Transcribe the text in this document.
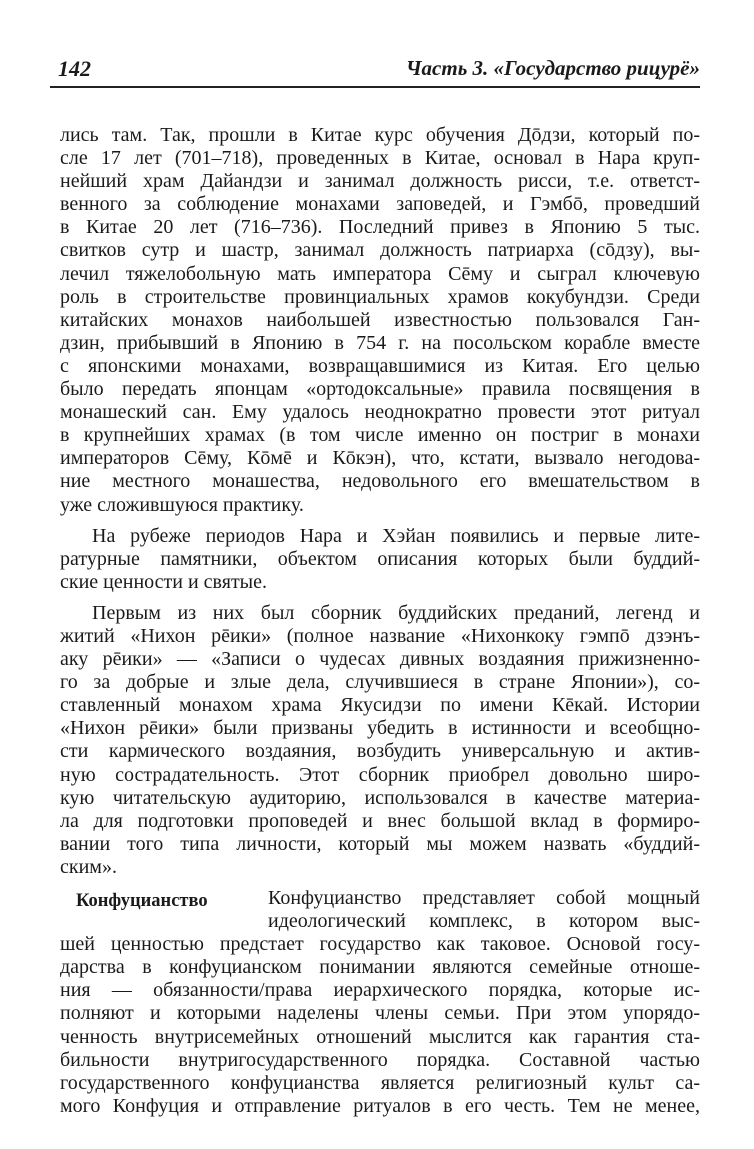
142	Часть 3. «Государство рицурё»
лись там. Так, прошли в Китае курс обучения Дōдзи, который по-
сле 17 лет (701–718), проведенных в Китае, основал в Нара круп-
нейший храм Дайандзи и занимал должность рисси, т.е. ответст-
венного за соблюдение монахами заповедей, и Гэмбō, проведший
в Китае 20 лет (716–736). Последний привез в Японию 5 тыс.
свитков сутр и шастр, занимал должность патриарха (сōдзу), вы-
лечил тяжелобольную мать императора Сēму и сыграл ключевую
роль в строительстве провинциальных храмов кокубундзи. Среди
китайских монахов наибольшей известностью пользовался Ган-
дзин, прибывший в Японию в 754 г. на посольском корабле вместе
с японскими монахами, возвращавшимися из Китая. Его целью
было передать японцам «ортодоксальные» правила посвящения в
монашеский сан. Ему удалось неоднократно провести этот ритуал
в крупнейших храмах (в том числе именно он постриг в монахи
императоров Сēму, Кōмē и Кōкэн), что, кстати, вызвало негодова-
ние местного монашества, недовольного его вмешательством в
уже сложившуюся практику.
На рубеже периодов Нара и Хэйан появились и первые лите-
ратурные памятники, объектом описания которых были буддий-
ские ценности и святые.
Первым из них был сборник буддийских преданий, легенд и
житий «Нихон рēики» (полное название «Нихонкоку гэмпō дзэнъ-
аку рēики» — «Записи о чудесах дивных воздаяния прижизненно-
го за добрые и злые дела, случившиеся в стране Японии»), со-
ставленный монахом храма Якусидзи по имени Кēкай. Истории
«Нихон рēики» были призваны убедить в истинности и всеобщно-
сти кармического воздаяния, возбудить универсальную и актив-
ную сострадательность. Этот сборник приобрел довольно широ-
кую читательскую аудиторию, использовался в качестве материа-
ла для подготовки проповедей и внес большой вклад в формиро-
вании того типа личности, который мы можем назвать «буддий-
ским».
Конфуцианство	Конфуцианство представляет собой мощный
идеологический комплекс, в котором выс-
шей ценностью предстает государство как таковое. Основой госу-
дарства в конфуцианском понимании являются семейные отноше-
ния — обязанности/права иерархического порядка, которые ис-
полняют и которыми наделены члены семьи. При этом упорядо-
ченность внутрисемейных отношений мыслится как гарантия ста-
бильности внутригосударственного порядка. Составной частью
государственного конфуцианства является религиозный культ са-
мого Конфуция и отправление ритуалов в его честь. Тем не менее,
